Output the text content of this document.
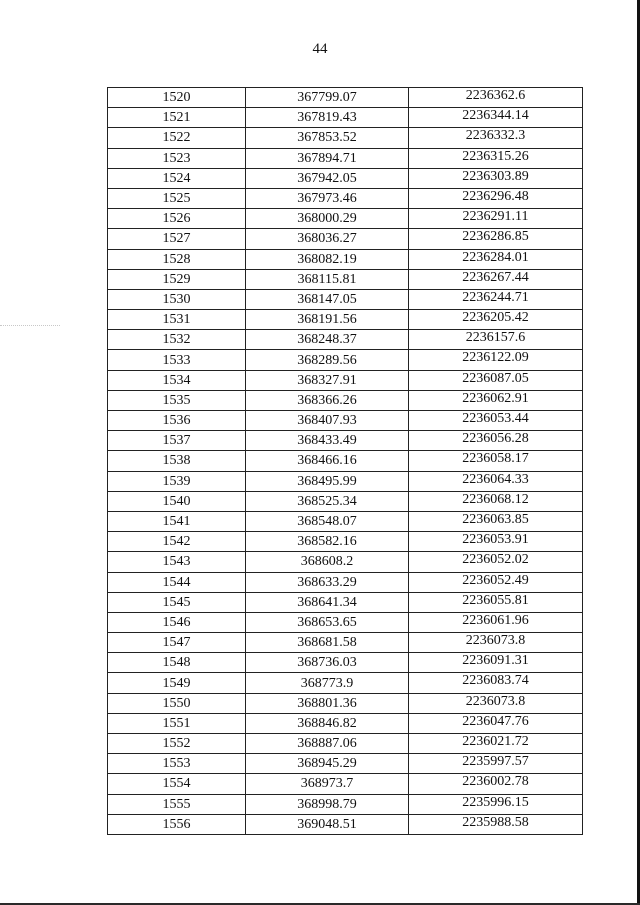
44
1520	367799.07	2236362.6
1521	367819.43	2236344.14
1522	367853.52	2236332.3
1523	367894.71	2236315.26
1524	367942.05	2236303.89
1525	367973.46	2236296.48
1526	368000.29	2236291.11
1527	368036.27	2236286.85
1528	368082.19	2236284.01
1529	368115.81	2236267.44
1530	368147.05	2236244.71
1531	368191.56	2236205.42
1532	368248.37	2236157.6
1533	368289.56	2236122.09
1534	368327.91	2236087.05
1535	368366.26	2236062.91
1536	368407.93	2236053.44
1537	368433.49	2236056.28
1538	368466.16	2236058.17
1539	368495.99	2236064.33
1540	368525.34	2236068.12
1541	368548.07	2236063.85
1542	368582.16	2236053.91
1543	368608.2	2236052.02
1544	368633.29	2236052.49
1545	368641.34	2236055.81
1546	368653.65	2236061.96
1547	368681.58	2236073.8
1548	368736.03	2236091.31
1549	368773.9	2236083.74
1550	368801.36	2236073.8
1551	368846.82	2236047.76
1552	368887.06	2236021.72
1553	368945.29	2235997.57
1554	368973.7	2236002.78
1555	368998.79	2235996.15
1556	369048.51	2235988.58
